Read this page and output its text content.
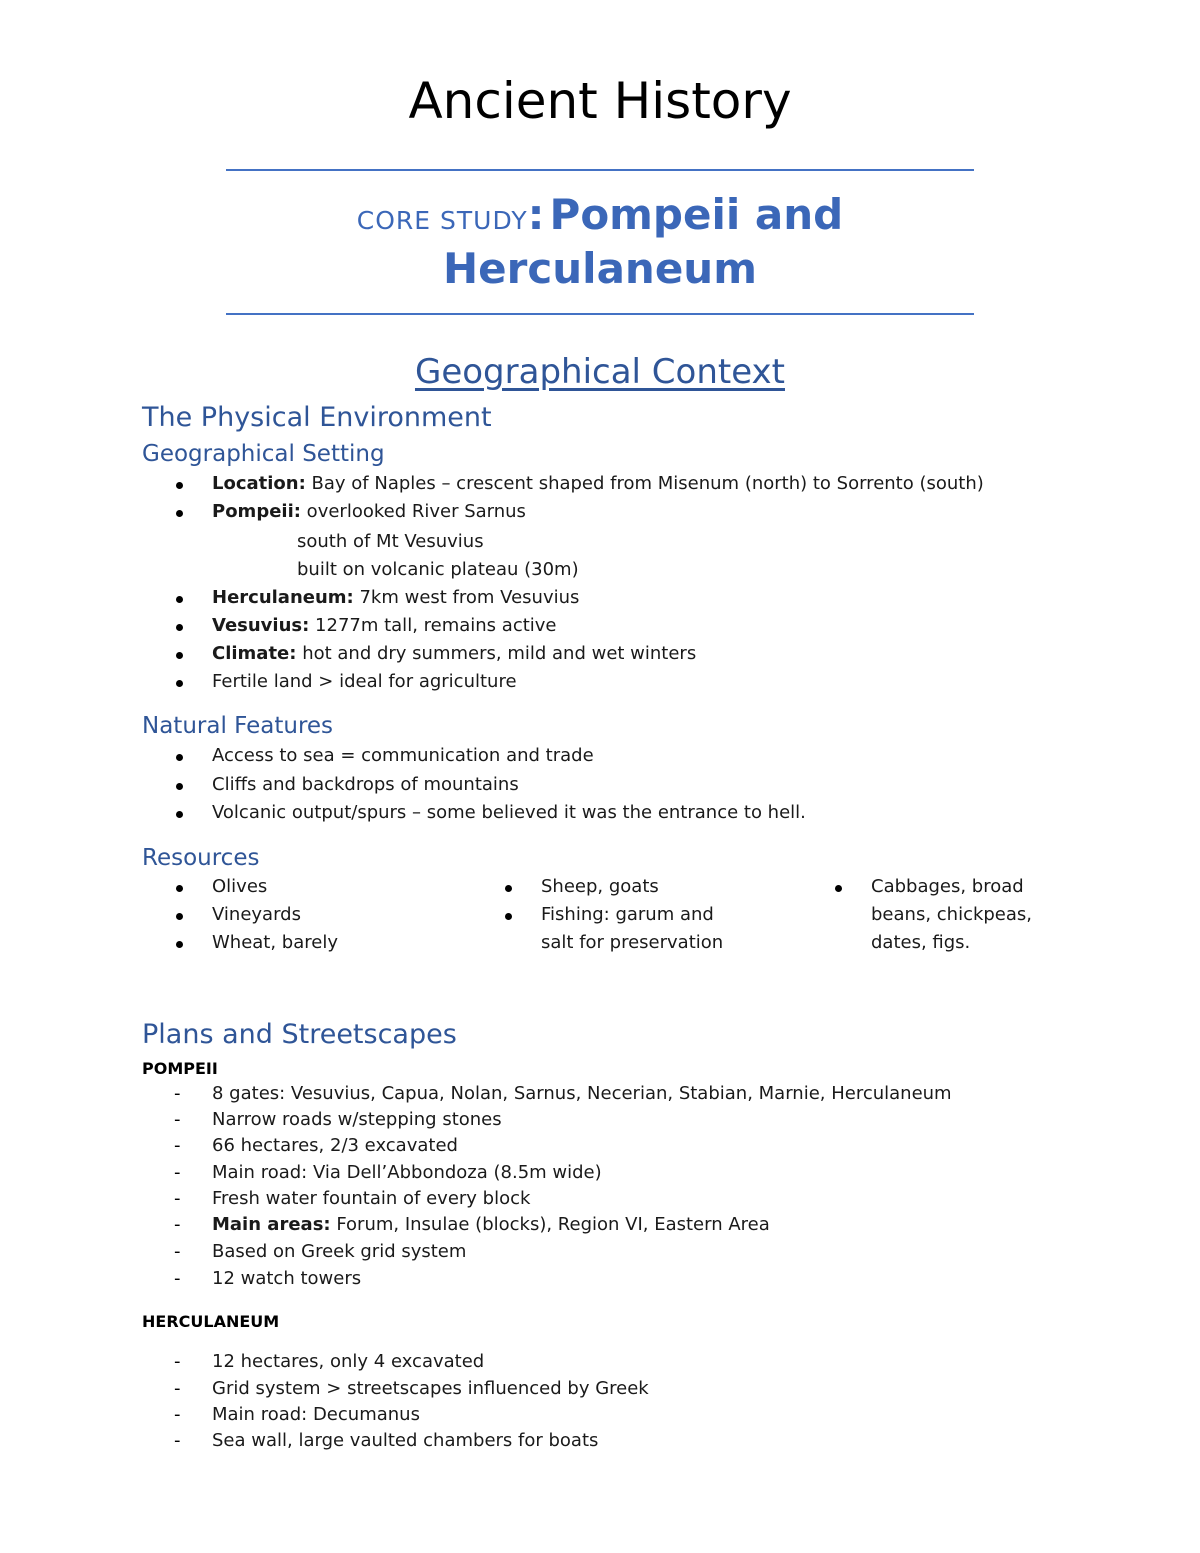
Ancient History
CORE STUDY: Pompeii and
Herculaneum
Geographical Context
The Physical Environment
Geographical Setting
Location: Bay of Naples – crescent shaped from Misenum (north) to Sorrento (south)
Pompeii: overlooked River Sarnus
south of Mt Vesuvius
built on volcanic plateau (30m)
Herculaneum: 7km west from Vesuvius
Vesuvius: 1277m tall, remains active
Climate: hot and dry summers, mild and wet winters
Fertile land > ideal for agriculture
Natural Features
Access to sea = communication and trade
Cliffs and backdrops of mountains
Volcanic output/spurs – some believed it was the entrance to hell.
Resources
Olives
Vineyards
Wheat, barely
Sheep, goats
Fishing: garum and
salt for preservation
Cabbages, broad
beans, chickpeas,
dates, figs.
Plans and Streetscapes
POMPEII
- 8 gates: Vesuvius, Capua, Nolan, Sarnus, Necerian, Stabian, Marnie, Herculaneum
- Narrow roads w/stepping stones
- 66 hectares, 2/3 excavated
- Main road: Via Dell’Abbondoza (8.5m wide)
- Fresh water fountain of every block
- Main areas: Forum, Insulae (blocks), Region VI, Eastern Area
- Based on Greek grid system
- 12 watch towers
HERCULANEUM
- 12 hectares, only 4 excavated
- Grid system > streetscapes influenced by Greek
- Main road: Decumanus
- Sea wall, large vaulted chambers for boats
